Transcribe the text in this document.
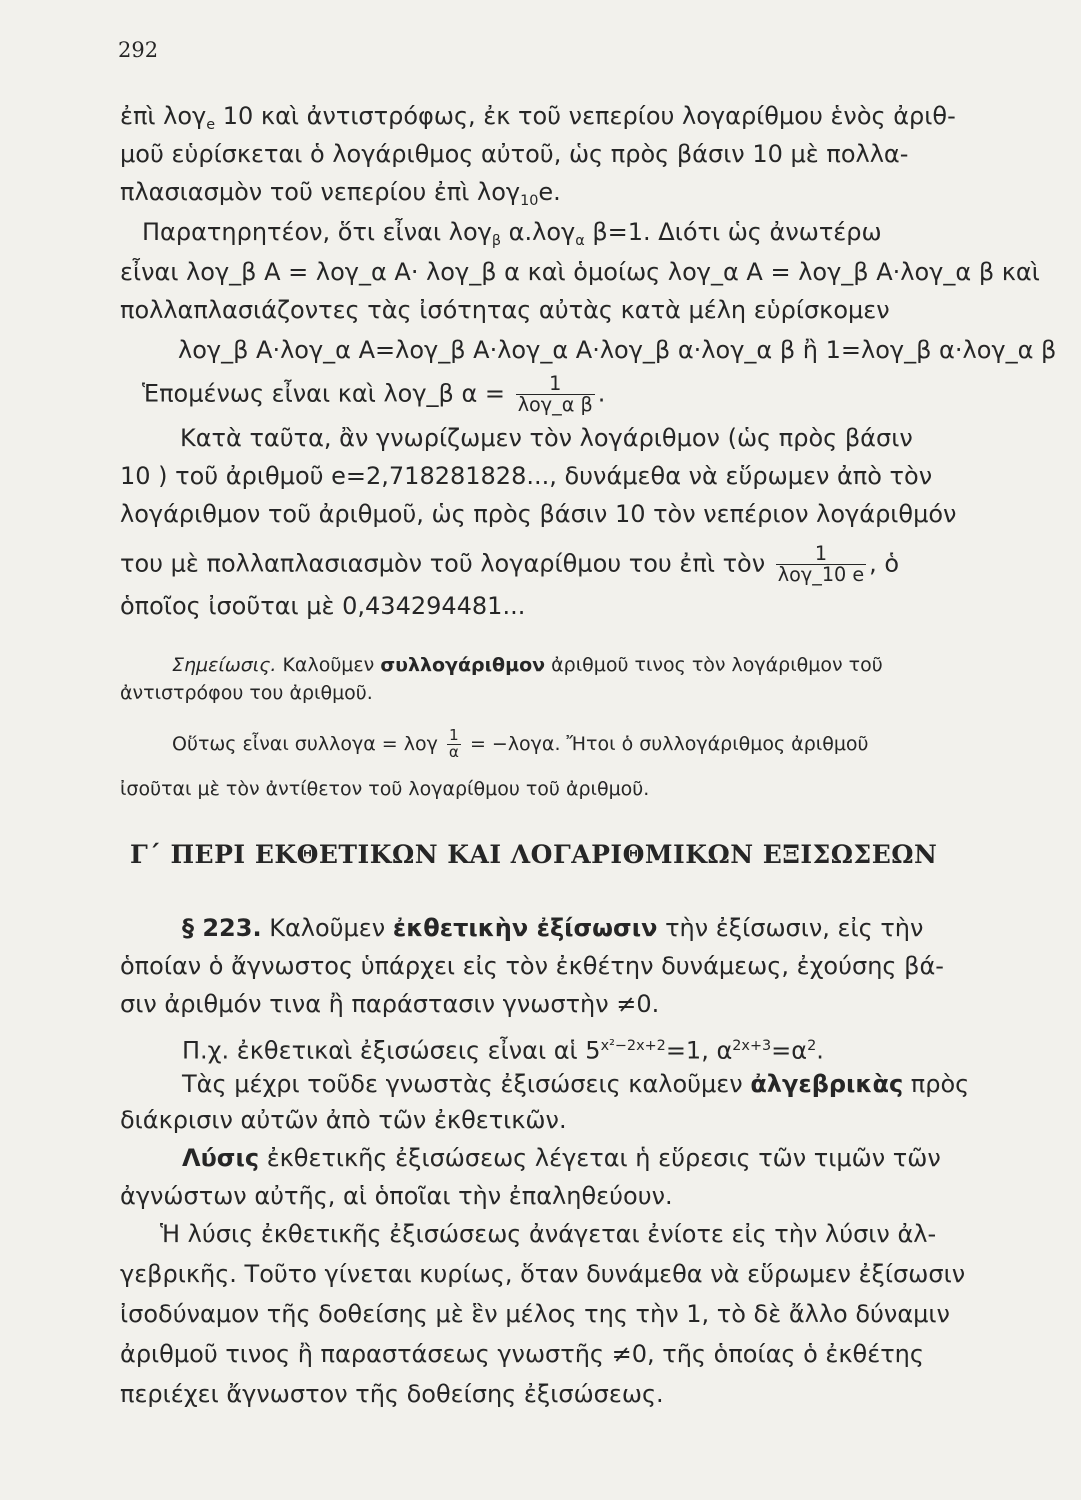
292
ἐπὶ λογ$_e$ 10 καὶ ἀντιστρόφως, ἐκ τοῦ νεπερίου λογαρίθμου ἑνὸς ἀριθ-
μοῦ εὑρίσκεται ὁ λογάριθμος αὐτοῦ, ὡς πρὸς βάσιν 10 μὲ πολλα-
πλασιασμὸν τοῦ νεπερίου ἐπὶ λογ$_{10}$e.
Παρατηρητέον, ὅτι εἶναι λογ$_\beta$ α.λογ$_\alpha$ β=1. Διότι ὡς ἀνωτέρω
εἶναι λογ_β Α = λογ_α Α· λογ_β α καὶ ὁμοίως λογ_α Α = λογ_β Α·λογ_α β καὶ
πολλαπλασιάζοντες τὰς ἰσότητας αὐτὰς κατὰ μέλη εὑρίσκομεν
λογ_β Α·λογ_α Α=λογ_β Α·λογ_α Α·λογ_β α·λογ_α β ἢ 1=λογ_β α·λογ_α β
Ἑπομένως εἶναι καὶ λογ_β $\alpha = \frac{1}{\text{λογ\_α β}}$ .
Κατὰ ταῦτα, ἂν γνωρίζωμεν τὸν λογάριθμον (ὡς πρὸς βάσιν
10 ) τοῦ ἀριθμοῦ e=2,718281828..., δυνάμεθα νὰ εὕρωμεν ἀπὸ τὸν
λογάριθμον τοῦ ἀριθμοῦ, ὡς πρὸς βάσιν 10 τὸν νεπέριον λογάριθμόν
του μὲ πολλαπλασιασμὸν τοῦ λογαρίθμου του ἐπὶ τὸν $\frac{1}{\text{λογ\_10 e}}$ , ὁ
ὁποῖος ἰσοῦται μὲ 0,434294481...
Σημείωσις. Καλοῦμεν συλλογάριθμον ἀριθμοῦ τινος τὸν λογάριθμον τοῦ
ἀντιστρόφου του ἀριθμοῦ.
Οὕτως εἶναι συλλογα = λογ $\frac{1}{\alpha} = -\lambda o\gamma\alpha$. Ἤτοι ὁ συλλογάριθμος ἀριθμοῦ
ἰσοῦται μὲ τὸν ἀντίθετον τοῦ λογαρίθμου τοῦ ἀριθμοῦ.
Γ΄ ΠΕΡΙ ΕΚΘΕΤΙΚΩΝ ΚΑΙ ΛΟΓΑΡΙΘΜΙΚΩΝ ΕΞΙΣΩΣΕΩΝ
§ 223. Καλοῦμεν ἐκθετικὴν ἐξίσωσιν τὴν ἐξίσωσιν, εἰς τὴν
ὁποίαν ὁ ἄγνωστος ὑπάρχει εἰς τὸν ἐκθέτην δυνάμεως, ἐχούσης βά-
σιν ἀριθμόν τινα ἢ παράστασιν γνωστὴν ≠0.
Π.χ. ἐκθετικαὶ ἐξισώσεις εἶναι αἱ $5^{x^2-2x+2}=1$, $\alpha^{2x+3}=\alpha^2$.
Τὰς μέχρι τοῦδε γνωστὰς ἐξισώσεις καλοῦμεν ἀλγεβρικὰς πρὸς
διάκρισιν αὐτῶν ἀπὸ τῶν ἐκθετικῶν.
Λύσις ἐκθετικῆς ἐξισώσεως λέγεται ἡ εὕρεσις τῶν τιμῶν τῶν
ἀγνώστων αὐτῆς, αἱ ὁποῖαι τὴν ἐπαληθεύουν.
Ἡ λύσις ἐκθετικῆς ἐξισώσεως ἀνάγεται ἐνίοτε εἰς τὴν λύσιν ἀλ-
γεβρικῆς. Τοῦτο γίνεται κυρίως, ὅταν δυνάμεθα νὰ εὕρωμεν ἐξίσωσιν
ἰσοδύναμον τῆς δοθείσης μὲ ἓν μέλος της τὴν 1, τὸ δὲ ἄλλο δύναμιν
ἀριθμοῦ τινος ἢ παραστάσεως γνωστῆς ≠0, τῆς ὁποίας ὁ ἐκθέτης
περιέχει ἄγνωστον τῆς δοθείσης ἐξισώσεως.
